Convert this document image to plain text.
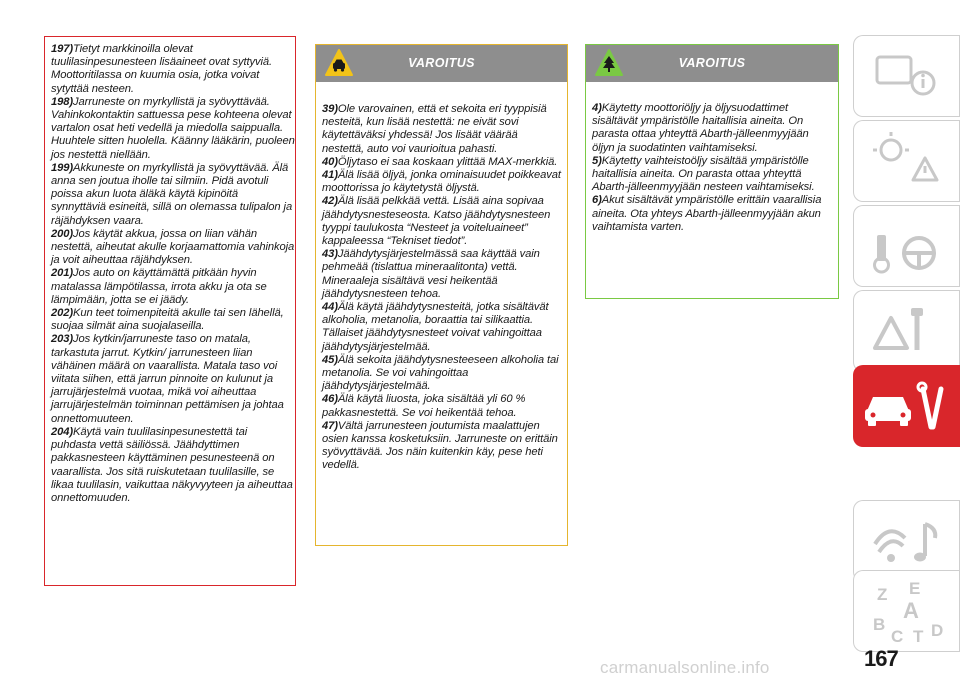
197)Tietyt markkinoilla olevat tuulilasinpesunesteen lisäaineet ovat syttyviä. Moottoritilassa on kuumia osia, jotka voivat sytyttää nesteen.

198)Jarruneste on myrkyllistä ja syövyttävää. Vahinkokontaktin sattuessa pese kohteena olevat vartalon osat heti vedellä ja miedolla saippualla. Huuhtele sitten huolella. Käänny lääkärin, puoleen jos nestettä niellään.

199)Akkuneste on myrkyllistä ja syövyttävää. Älä anna sen joutua iholle tai silmiin. Pidä avotuli poissa akun luota äläkä käytä kipinöitä synnyttäviä esineitä, sillä on olemassa tulipalon ja räjähdyksen vaara.

200)Jos käytät akkua, jossa on liian vähän nestettä, aiheutat akulle korjaamattomia vahinkoja ja voit aiheuttaa räjähdyksen.

201)Jos auto on käyttämättä pitkään hyvin matalassa lämpötilassa, irrota akku ja ota se lämpimään, jotta se ei jäädy.

202)Kun teet toimenpiteitä akulle tai sen lähellä, suojaa silmät aina suojalaseilla.

203)Jos kytkin/jarruneste taso on matala, tarkastuta jarrut. Kytkin/ jarrunesteen liian vähäinen määrä on vaarallista. Matala taso voi viitata siihen, että jarrun pinnoite on kulunut ja jarrujärjestelmä vuotaa, mikä voi aiheuttaa jarrujärjestelmän toiminnan pettämisen ja johtaa onnettomuuteen.

204)Käytä vain tuulilasinpesunestettä tai puhdasta vettä säiliössä. Jäähdyttimen pakkasnesteen käyttäminen pesunesteenä on vaarallista. Jos sitä ruiskutetaan tuulilasille, se likaa tuulilasin, vaikuttaa näkyvyyteen ja aiheuttaa onnettomuuden.

VAROITUS

39)Ole varovainen, että et sekoita eri tyyppisiä nesteitä, kun lisää nestettä: ne eivät sovi käytettäväksi yhdessä! Jos lisäät väärää nestettä, auto voi vaurioitua pahasti.

40)Öljytaso ei saa koskaan ylittää MAX-merkkiä.

41)Älä lisää öljyä, jonka ominaisuudet poikkeavat moottorissa jo käytetystä öljystä.

42)Älä lisää pelkkää vettä. Lisää aina sopivaa jäähdytysnesteseosta. Katso jäähdytysnesteen tyyppi taulukosta “Nesteet ja voiteluaineet” kappaleessa “Tekniset tiedot”.

43)Jäähdytysjärjestelmässä saa käyttää vain pehmeää (tislattua mineraalitonta) vettä. Mineraaleja sisältävä vesi heikentää jäähdytysnesteen tehoa.

44)Älä käytä jäähdytysnesteitä, jotka sisältävät alkoholia, metanolia, boraattia tai silikaattia. Tällaiset jäähdytysnesteet voivat vahingoittaa jäähdytysjärjestelmää.

45)Älä sekoita jäähdytysnesteeseen alkoholia tai metanolia. Se voi vahingoittaa jäähdytysjärjestelmää.

46)Älä käytä liuosta, joka sisältää yli 60 % pakkasnestettä. Se voi heikentää tehoa.

47)Vältä jarrunesteen joutumista maalattujen osien kanssa kosketuksiin. Jarruneste on erittäin syövyttävää. Jos näin kuitenkin käy, pese heti vedellä.

VAROITUS

4)Käytetty moottoriöljy ja öljysuodattimet sisältävät ympäristölle haitallisia aineita. On parasta ottaa yhteyttä Abarth-jälleenmyyjään öljyn ja suodatinten vaihtamiseksi.

5)Käytetty vaihteistoöljy sisältää ympäristölle haitallisia aineita. On parasta ottaa yhteyttä Abarth-jälleenmyyjään nesteen vaihtamiseksi.

6)Akut sisältävät ympäristölle erittäin vaarallisia aineita. Ota yhteys Abarth-jälleenmyyjään akun vaihtamista varten.

Z E
B
A
C T D
167
carmanualsonline.info
